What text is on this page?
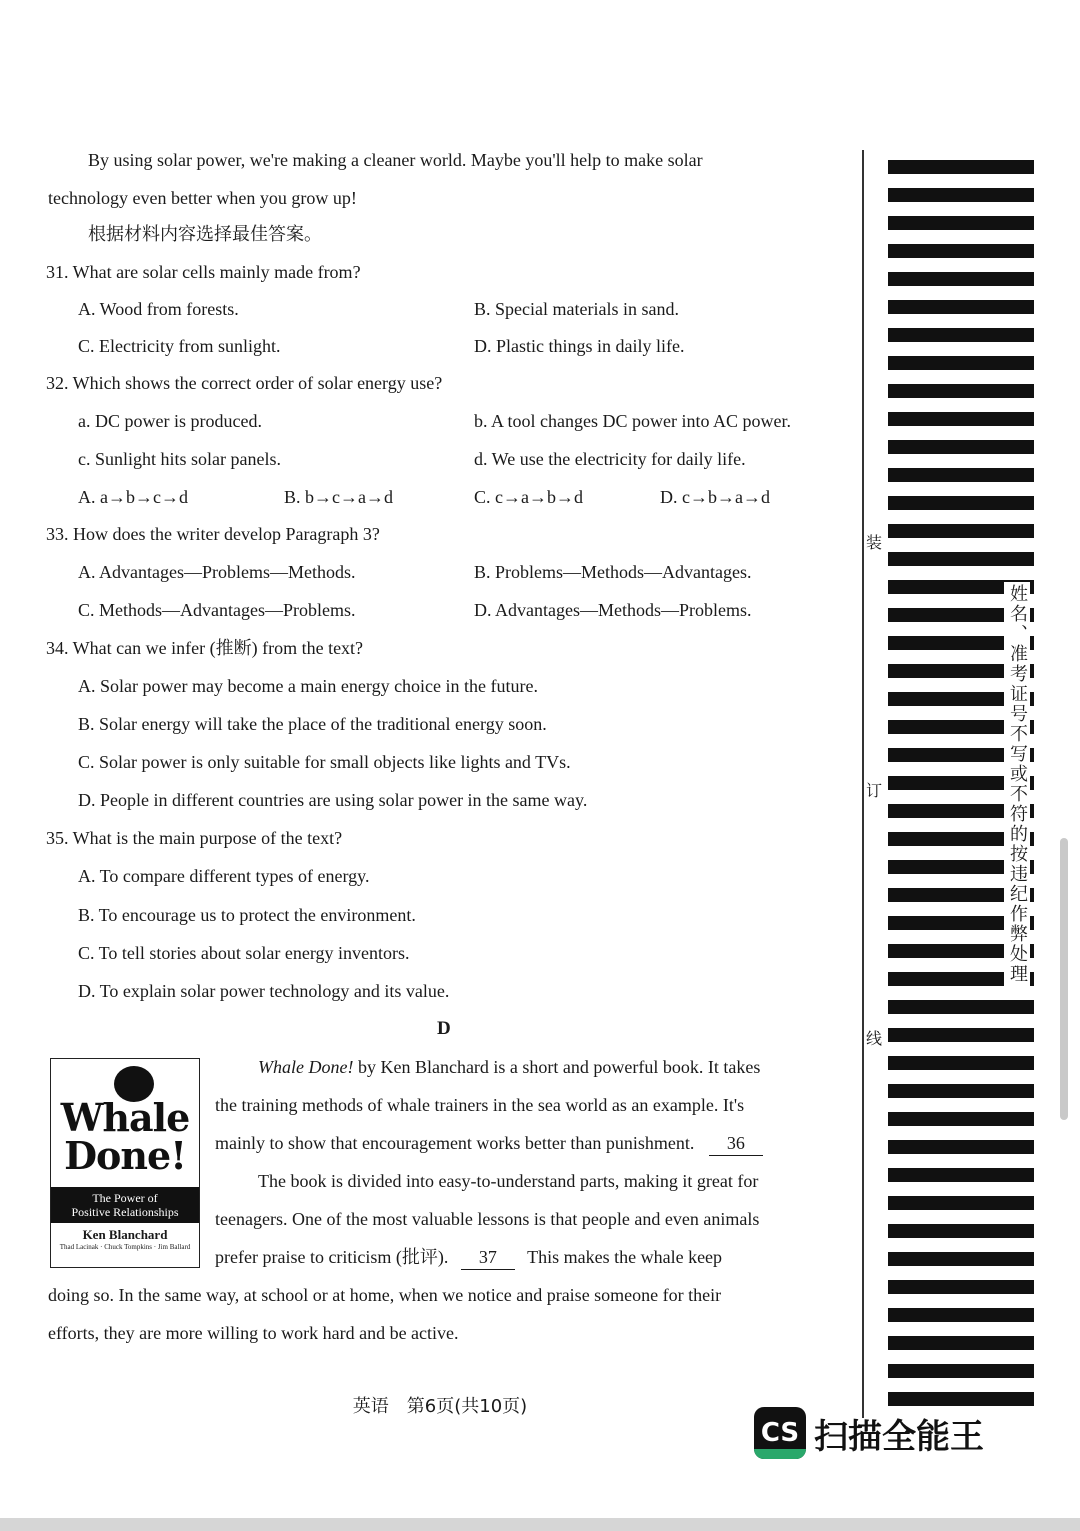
By using solar power, we're making a cleaner world. Maybe you'll help to make solar
technology even better when you grow up!
根据材料内容选择最佳答案。
31. What are solar cells mainly made from?
A. Wood from forests.	B. Special materials in sand.
C. Electricity from sunlight.	D. Plastic things in daily life.
32. Which shows the correct order of solar energy use?
a. DC power is produced.	b. A tool changes DC power into AC power.
c. Sunlight hits solar panels.	d. We use the electricity for daily life.
A. a→b→c→d	B. b→c→a→d	C. c→a→b→d	D. c→b→a→d
33. How does the writer develop Paragraph 3?
A. Advantages—Problems—Methods.	B. Problems—Methods—Advantages.
C. Methods—Advantages—Problems.	D. Advantages—Methods—Problems.
34. What can we infer (推断) from the text?
A. Solar power may become a main energy choice in the future.
B. Solar energy will take the place of the traditional energy soon.
C. Solar power is only suitable for small objects like lights and TVs.
D. People in different countries are using solar power in the same way.
35. What is the main purpose of the text?
A. To compare different types of energy.
B. To encourage us to protect the environment.
C. To tell stories about solar energy inventors.
D. To explain solar power technology and its value.
D
Whale
Done!
The Power of
Positive Relationships
Ken Blanchard
Thad Lacinak · Chuck Tompkins · Jim Ballard
Whale Done! by Ken Blanchard is a short and powerful book. It takes
the training methods of whale trainers in the sea world as an example. It's
mainly to show that encouragement works better than punishment. 36
The book is divided into easy-to-understand parts, making it great for
teenagers. One of the most valuable lessons is that people and even animals
prefer praise to criticism (批评). 37 This makes the whale keep
doing so. In the same way, at school or at home, when we notice and praise someone for their
efforts, they are more willing to work hard and be active.
装
订
线
姓名、准考证号不写或不符的按违纪作弊处理
英语　第6页(共10页)
CS 扫描全能王
